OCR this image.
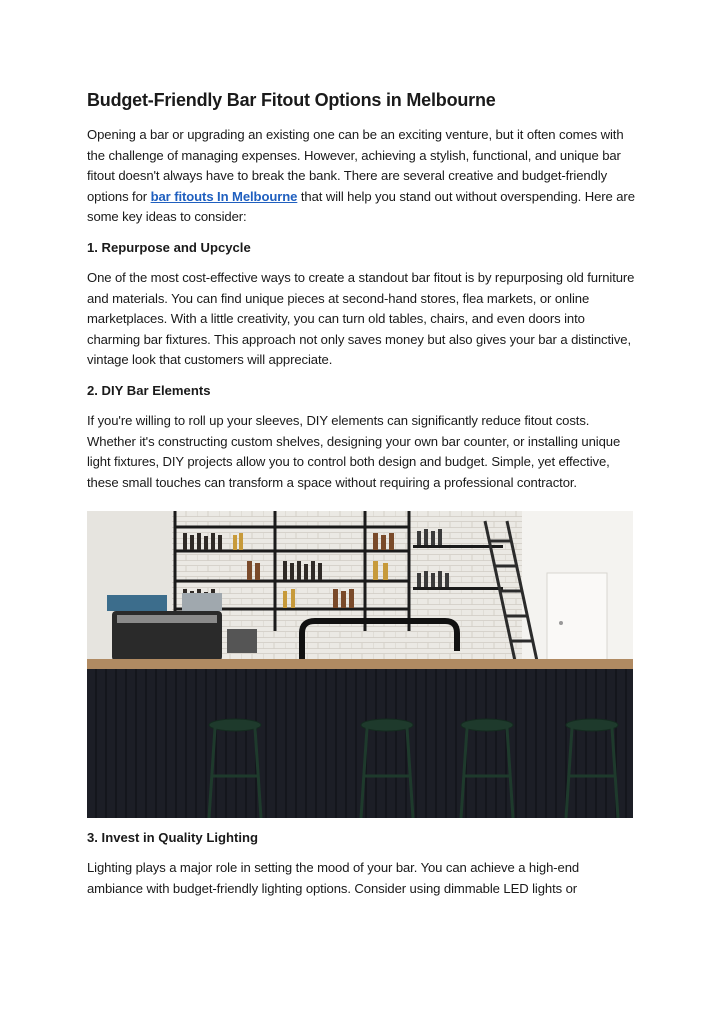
Budget-Friendly Bar Fitout Options in Melbourne

Opening a bar or upgrading an existing one can be an exciting venture, but it often comes with the challenge of managing expenses. However, achieving a stylish, functional, and unique bar fitout doesn't always have to break the bank. There are several creative and budget-friendly options for bar fitouts In Melbourne that will help you stand out without overspending. Here are some key ideas to consider:

1. Repurpose and Upcycle

One of the most cost-effective ways to create a standout bar fitout is by repurposing old furniture and materials. You can find unique pieces at second-hand stores, flea markets, or online marketplaces. With a little creativity, you can turn old tables, chairs, and even doors into charming bar fixtures. This approach not only saves money but also gives your bar a distinctive, vintage look that customers will appreciate.

2. DIY Bar Elements

If you're willing to roll up your sleeves, DIY elements can significantly reduce fitout costs. Whether it's constructing custom shelves, designing your own bar counter, or installing unique light fixtures, DIY projects allow you to control both design and budget. Simple, yet effective, these small touches can transform a space without requiring a professional contractor.

3. Invest in Quality Lighting

Lighting plays a major role in setting the mood of your bar. You can achieve a high-end ambiance with budget-friendly lighting options. Consider using dimmable LED lights or
